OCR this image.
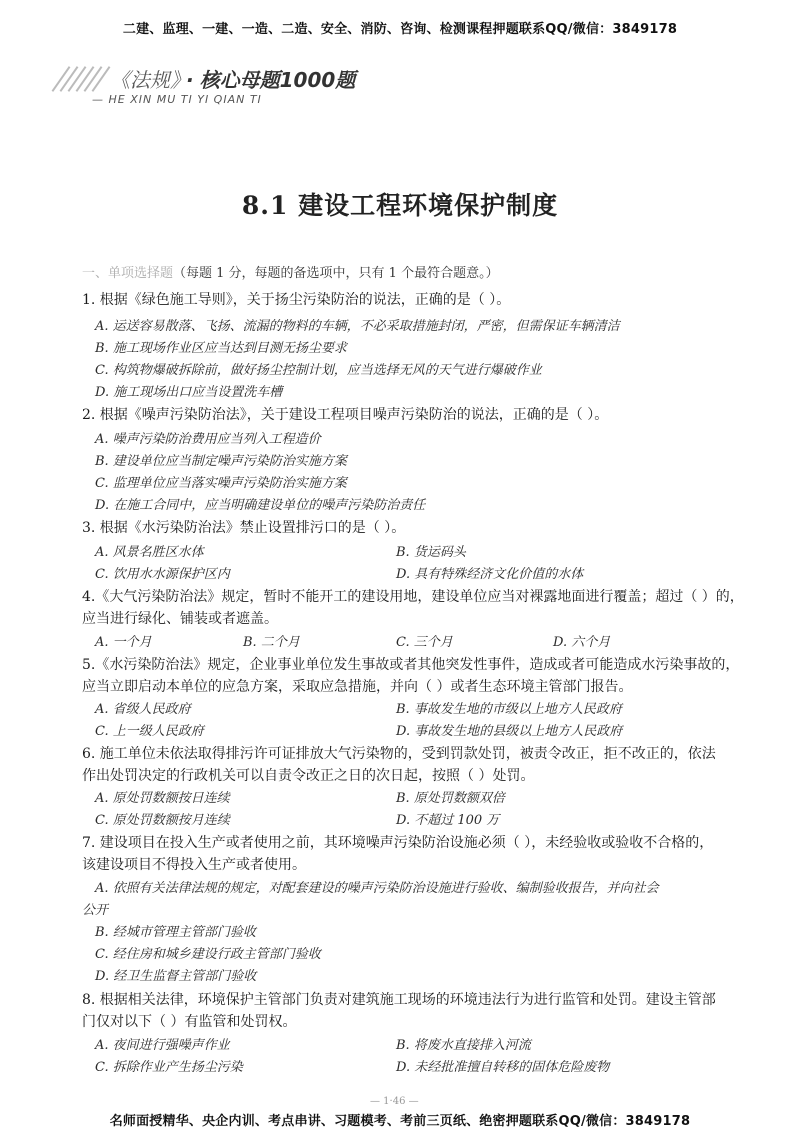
二建、监理、一建、一造、二造、安全、消防、咨询、检测课程押题联系QQ/微信：3849178
《法规》 · 核心母题1000题
— HE XIN MU TI YI QIAN TI
8.1 建设工程环境保护制度
一、单项选择题（每题 1 分，每题的备选项中，只有 1 个最符合题意。）
1. 根据《绿色施工导则》，关于扬尘污染防治的说法，正确的是（ ）。
A. 运送容易散落、飞扬、流漏的物料的车辆，不必采取措施封闭，严密，但需保证车辆清洁
B. 施工现场作业区应当达到目测无扬尘要求
C. 构筑物爆破拆除前，做好扬尘控制计划，应当选择无风的天气进行爆破作业
D. 施工现场出口应当设置洗车槽
2. 根据《噪声污染防治法》，关于建设工程项目噪声污染防治的说法，正确的是（ ）。
A. 噪声污染防治费用应当列入工程造价
B. 建设单位应当制定噪声污染防治实施方案
C. 监理单位应当落实噪声污染防治实施方案
D. 在施工合同中，应当明确建设单位的噪声污染防治责任
3. 根据《水污染防治法》禁止设置排污口的是（ ）。
A. 风景名胜区水体	B. 货运码头
C. 饮用水水源保护区内	D. 具有特殊经济文化价值的水体
4.《大气污染防治法》规定，暂时不能开工的建设用地，建设单位应当对裸露地面进行覆盖；超过（ ）的，
应当进行绿化、铺装或者遮盖。
A. 一个月	B. 二个月	C. 三个月	D. 六个月
5.《水污染防治法》规定，企业事业单位发生事故或者其他突发性事件，造成或者可能造成水污染事故的，
应当立即启动本单位的应急方案，采取应急措施，并向（ ）或者生态环境主管部门报告。
A. 省级人民政府	B. 事故发生地的市级以上地方人民政府
C. 上一级人民政府	D. 事故发生地的县级以上地方人民政府
6. 施工单位未依法取得排污许可证排放大气污染物的，受到罚款处罚，被责令改正，拒不改正的，依法
作出处罚决定的行政机关可以自责令改正之日的次日起，按照（ ）处罚。
A. 原处罚数额按日连续	B. 原处罚数额双倍
C. 原处罚数额按月连续	D. 不超过 100 万
7. 建设项目在投入生产或者使用之前，其环境噪声污染防治设施必须（ ），未经验收或验收不合格的，
该建设项目不得投入生产或者使用。
A. 依照有关法律法规的规定，对配套建设的噪声污染防治设施进行验收、编制验收报告，并向社会
公开
B. 经城市管理主管部门验收
C. 经住房和城乡建设行政主管部门验收
D. 经卫生监督主管部门验收
8. 根据相关法律，环境保护主管部门负责对建筑施工现场的环境违法行为进行监管和处罚。建设主管部
门仅对以下（ ）有监管和处罚权。
A. 夜间进行强噪声作业	B. 将废水直接排入河流
C. 拆除作业产生扬尘污染	D. 未经批准擅自转移的固体危险废物
— 1·46 —
名师面授精华、央企内训、考点串讲、习题模考、考前三页纸、绝密押题联系QQ/微信：3849178
